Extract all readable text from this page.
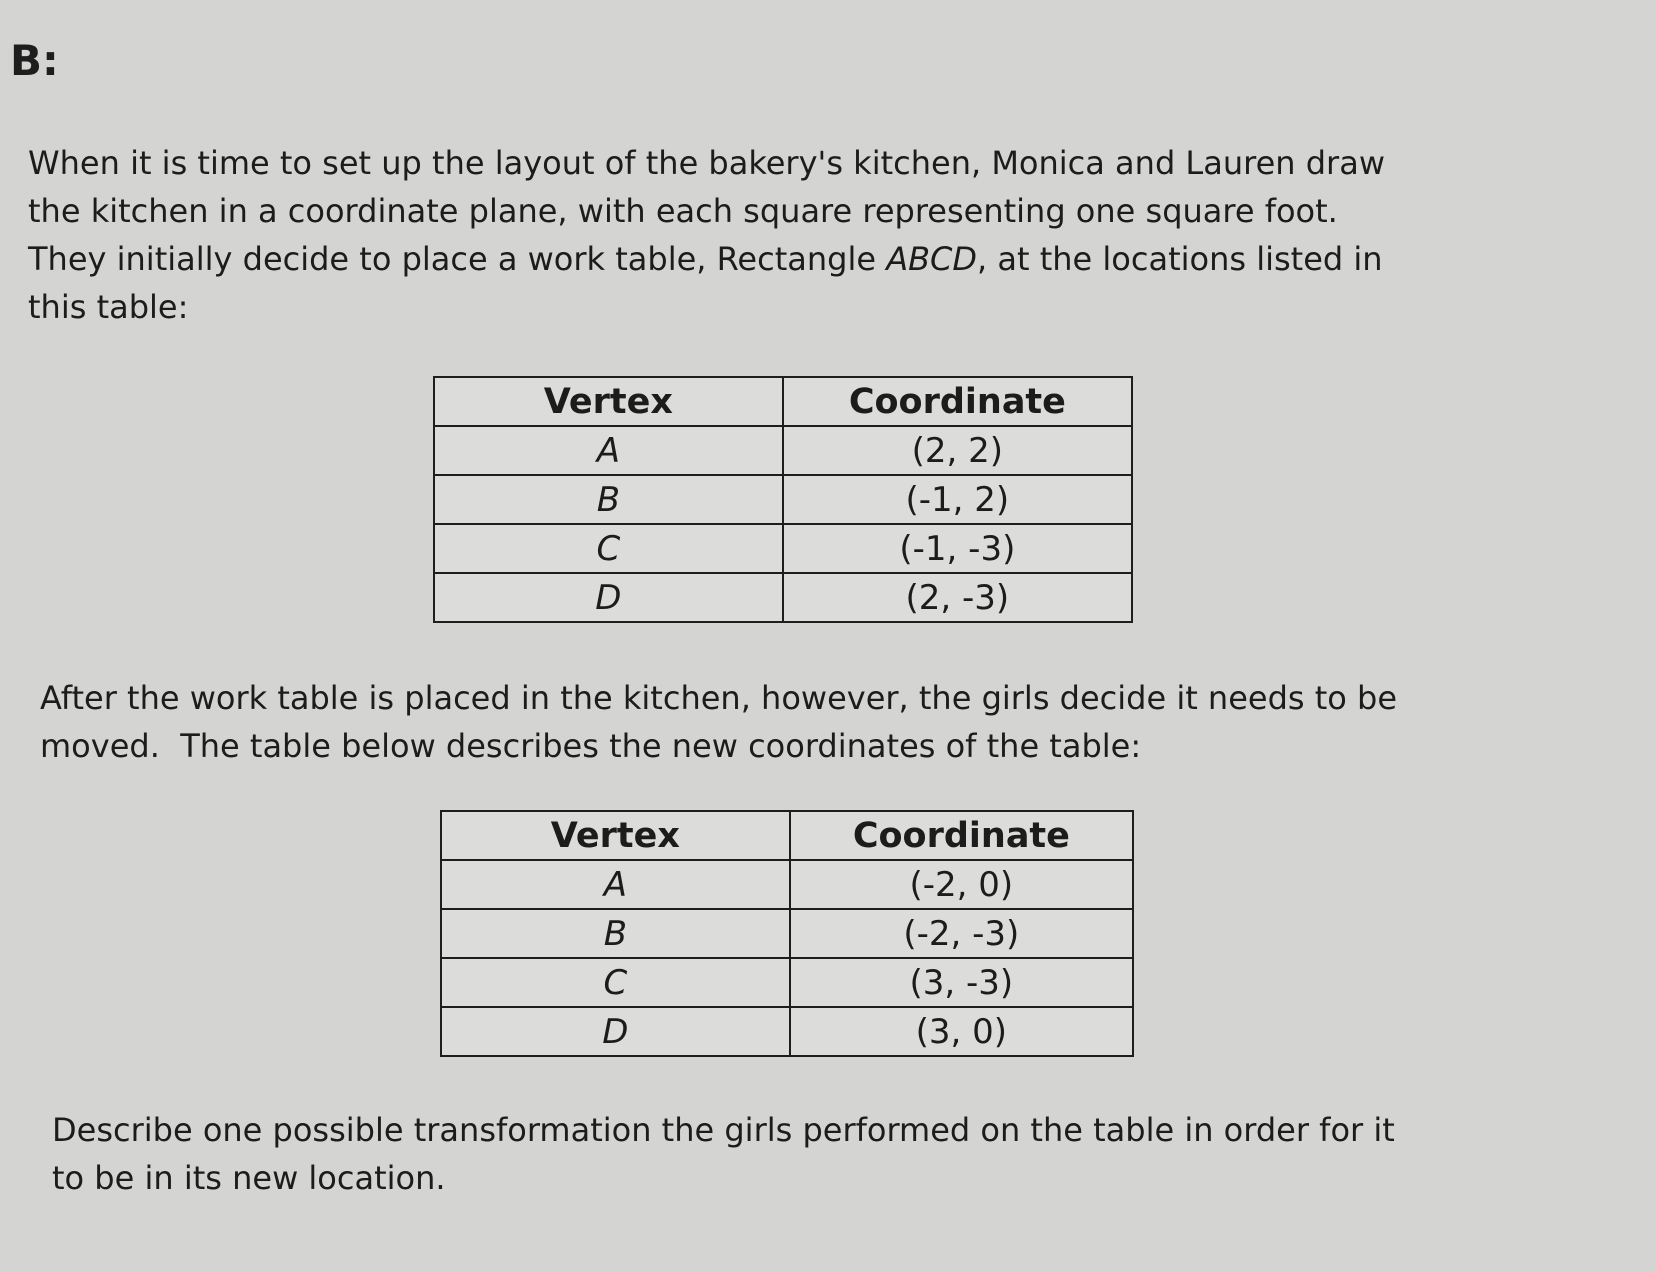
B:
When it is time to set up the layout of the bakery's kitchen, Monica and Lauren draw
the kitchen in a coordinate plane, with each square representing one square foot.
They initially decide to place a work table, Rectangle ABCD, at the locations listed in
this table:
Vertex	Coordinate
A	(2, 2)
B	(-1, 2)
C	(-1, -3)
D	(2, -3)
After the work table is placed in the kitchen, however, the girls decide it needs to be
moved.  The table below describes the new coordinates of the table:
Vertex	Coordinate
A	(-2, 0)
B	(-2, -3)
C	(3, -3)
D	(3, 0)
Describe one possible transformation the girls performed on the table in order for it
to be in its new location.
